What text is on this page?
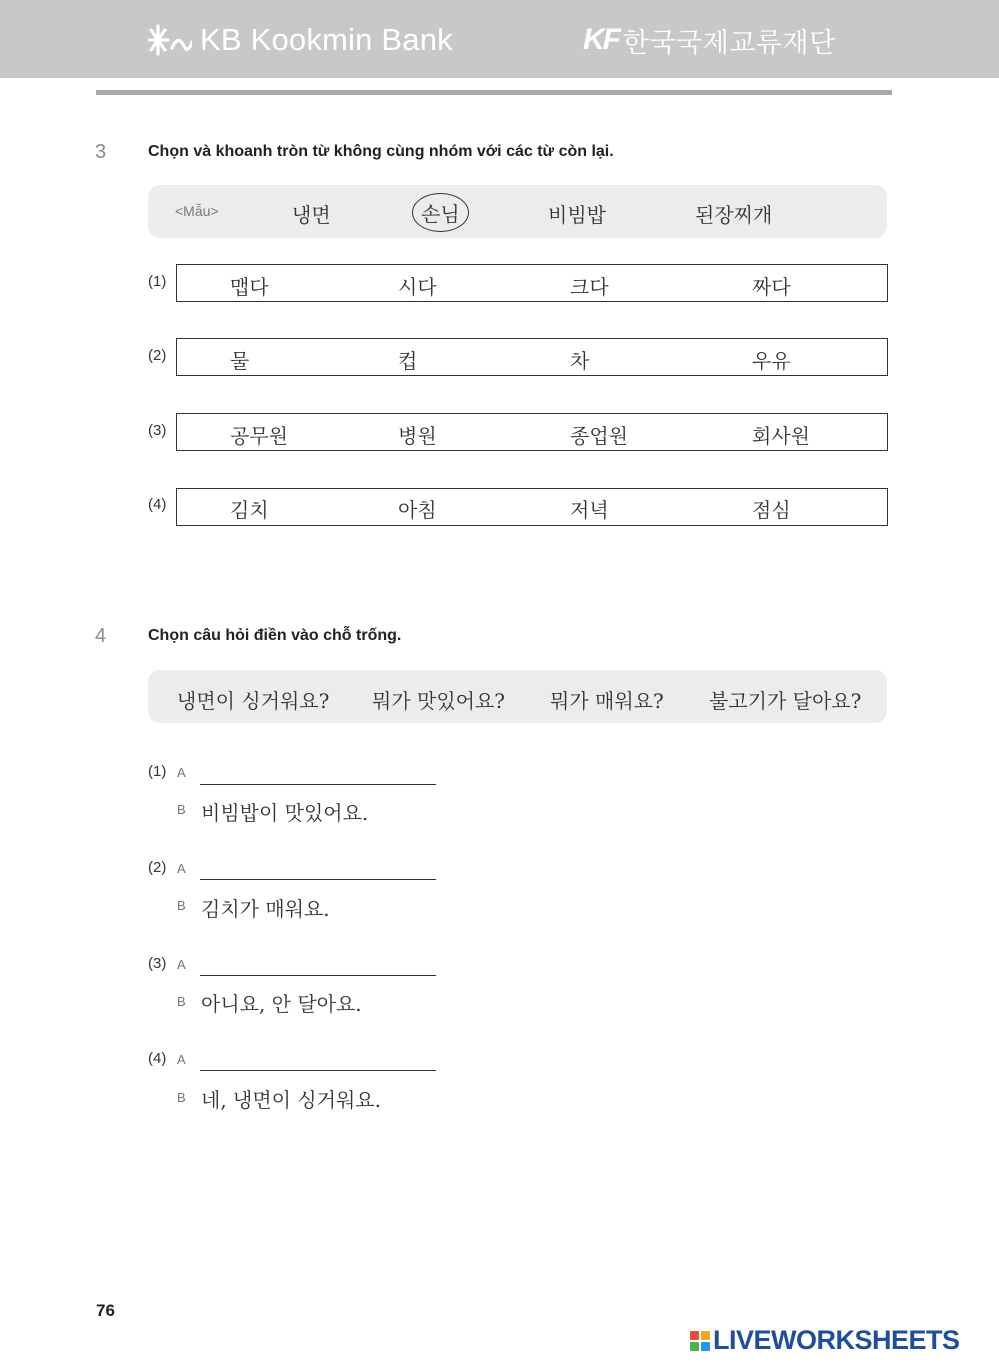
KB Kookmin Bank	KF 한국국제교류재단
3	Chọn và khoanh tròn từ không cùng nhóm với các từ còn lại.
<Mẫu>	냉면	손님	비빔밥	된장찌개
(1)	맵다	시다	크다	짜다
(2)	물	컵	차	우유
(3)	공무원	병원	종업원	회사원
(4)	김치	아침	저녁	점심
4	Chọn câu hỏi điền vào chỗ trống.
냉면이 싱거워요? 뭐가 맛있어요? 뭐가 매워요? 불고기가 달아요?
(1) A
B 비빔밥이 맛있어요.
(2) A
B 김치가 매워요.
(3) A
B 아니요, 안 달아요.
(4) A
B 네, 냉면이 싱거워요.
76
LIVEWORKSHEETS
